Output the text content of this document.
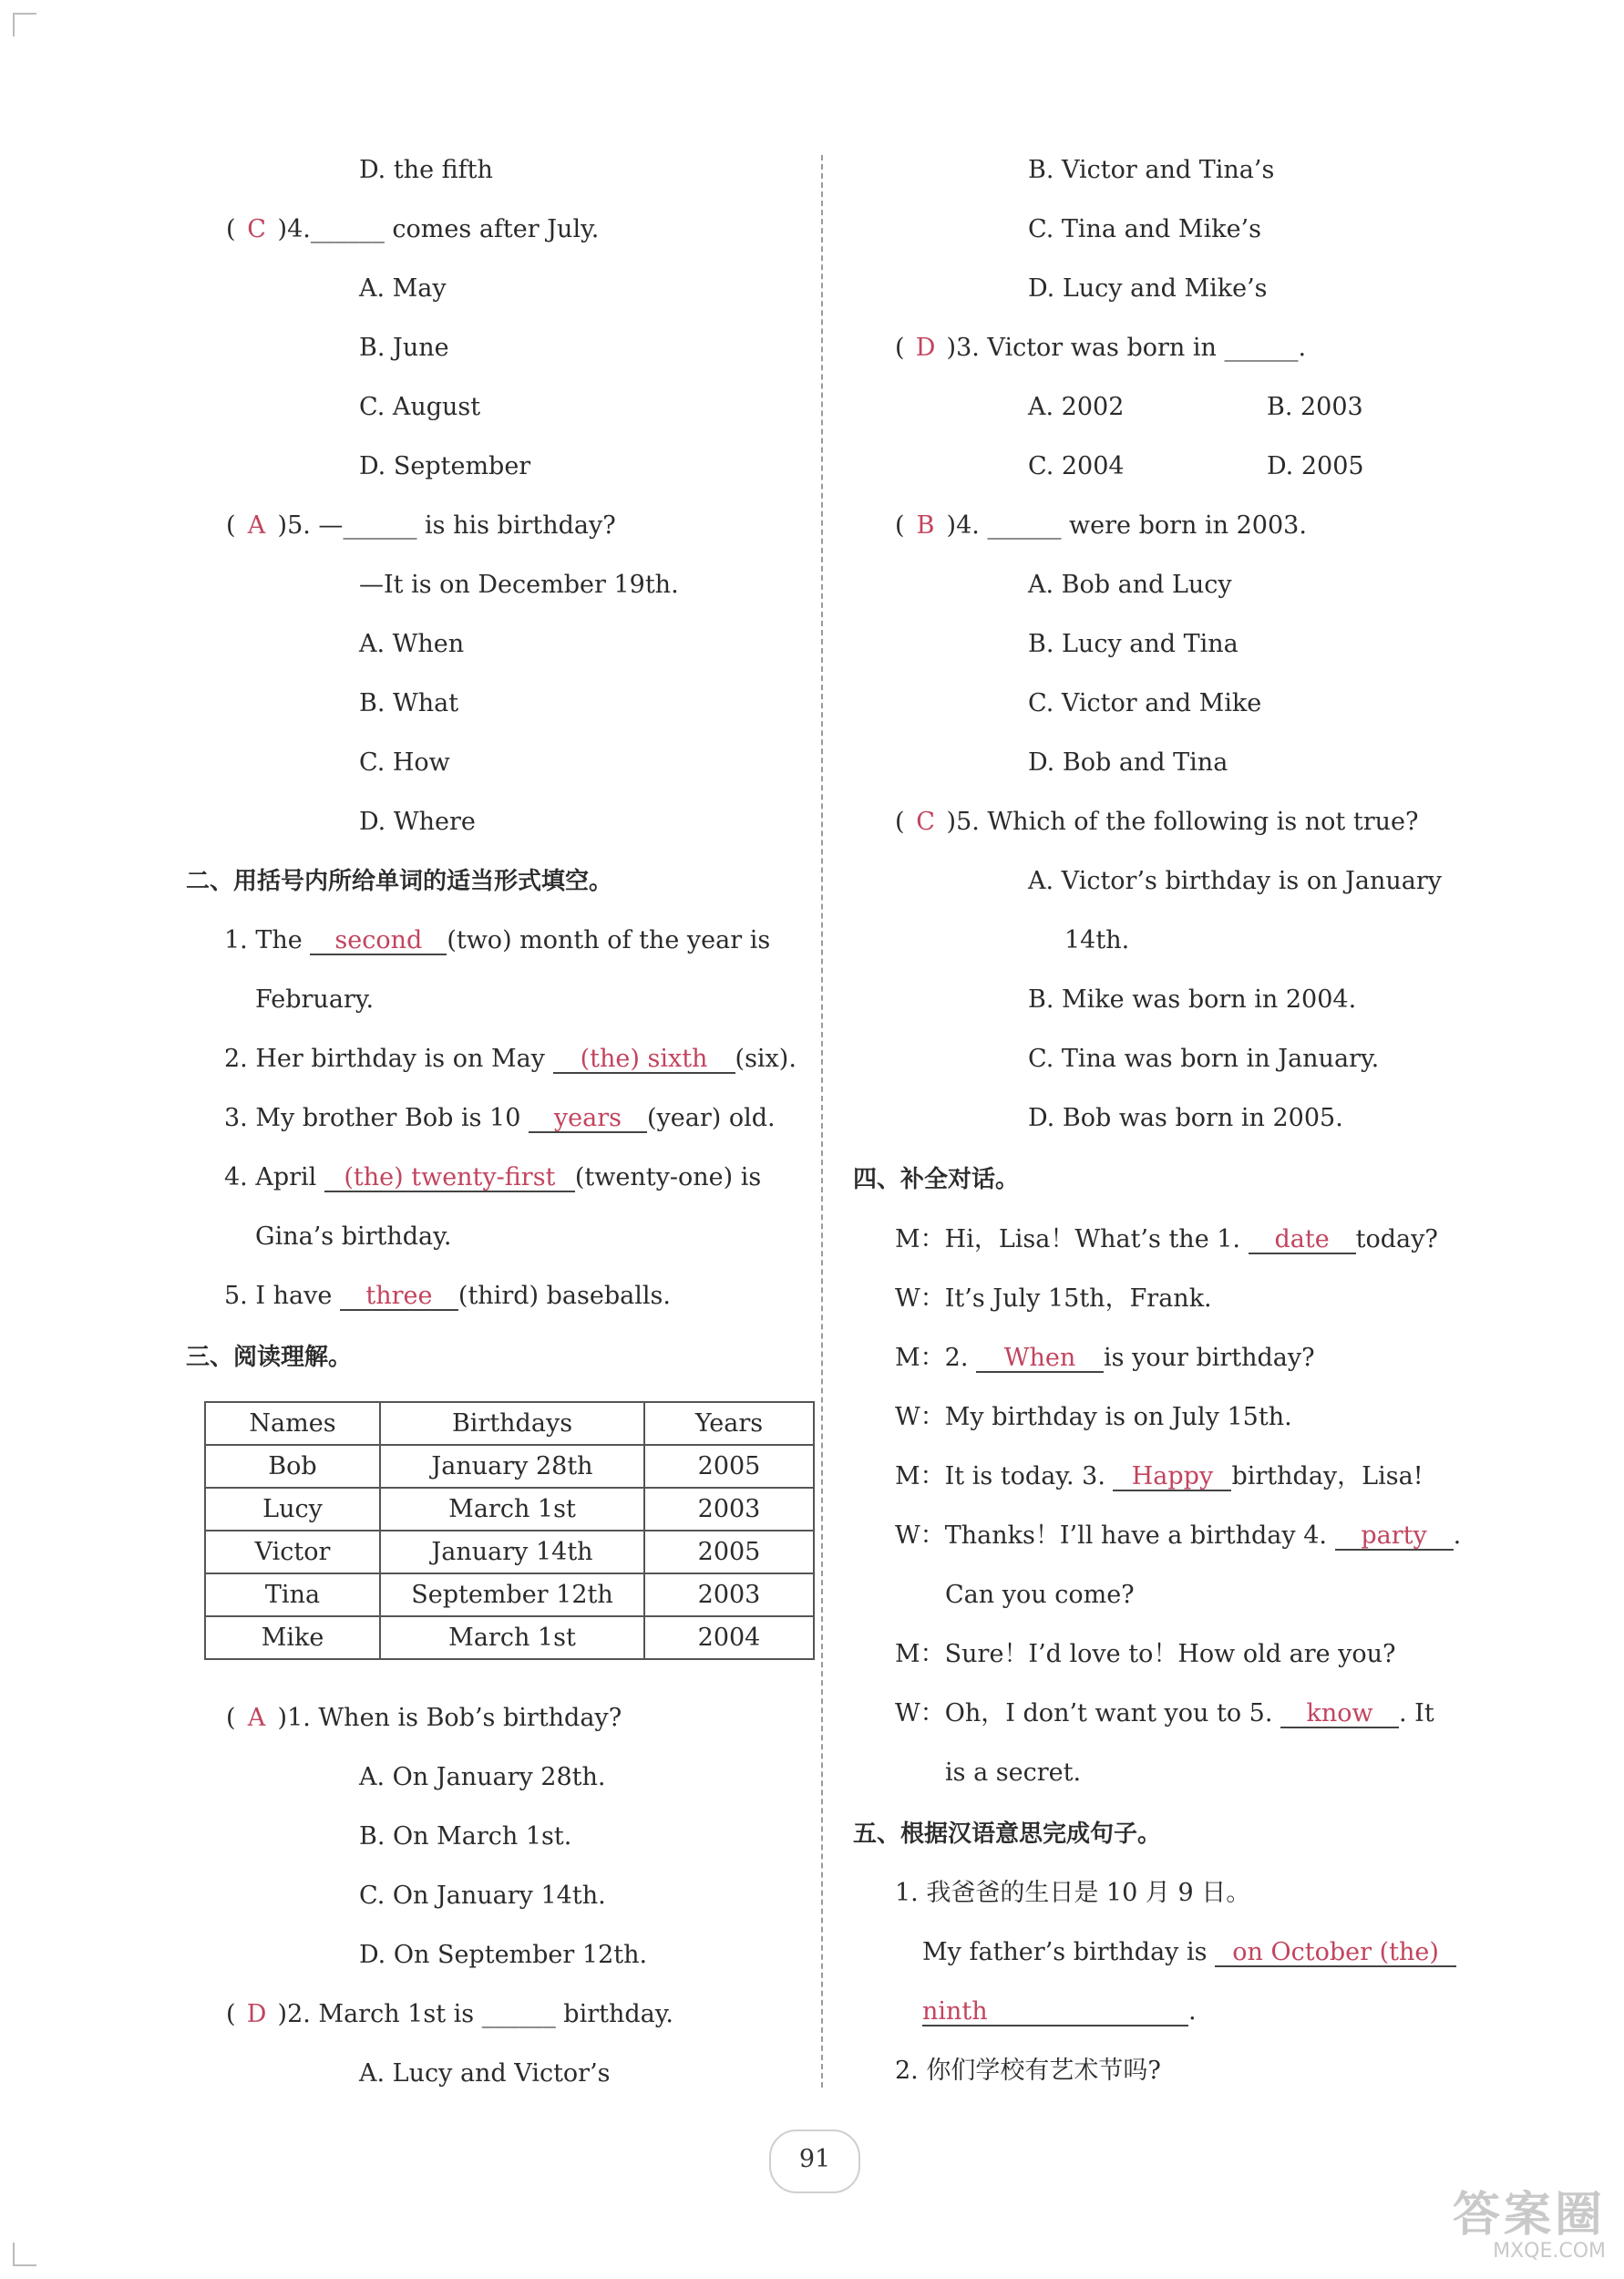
D. the fifth
( C )4.______ comes after July.
A. May
B. June
C. August
D. September
( A )5. —______ is his birthday?
—It is on December 19th.
A. When
B. What
C. How
D. Where
二、用括号内所给单词的适当形式填空。
1. The second (two) month of the year is
February.
2. Her birthday is on May (the) sixth (six).
3. My brother Bob is 10 years (year) old.
4. April (the) twenty-first (twenty-one) is
Gina’s birthday.
5. I have three (third) baseballs.
三、阅读理解。
Names	Birthdays	Years
Bob	January 28th	2005
Lucy	March 1st	2003
Victor	January 14th	2005
Tina	September 12th	2003
Mike	March 1st	2004
( A )1. When is Bob’s birthday?
A. On January 28th.
B. On March 1st.
C. On January 14th.
D. On September 12th.
( D )2. March 1st is ______ birthday.
A. Lucy and Victor’s
B. Victor and Tina’s
C. Tina and Mike’s
D. Lucy and Mike’s
( D )3. Victor was born in ______.
A. 2002	B. 2003
C. 2004	D. 2005
( B )4. ______ were born in 2003.
A. Bob and Lucy
B. Lucy and Tina
C. Victor and Mike
D. Bob and Tina
( C )5. Which of the following is not true?
A. Victor’s birthday is on January
14th.
B. Mike was born in 2004.
C. Tina was born in January.
D. Bob was born in 2005.
四、补全对话。
M：Hi，Lisa！What’s the 1. date today?
W：It’s July 15th，Frank.
M：2. When is your birthday?
W：My birthday is on July 15th.
M：It is today. 3. Happy birthday，Lisa!
W：Thanks！I’ll have a birthday 4. party .
Can you come?
M：Sure！I’d love to！How old are you?
W：Oh，I don’t want you to 5. know . It
is a secret.
五、根据汉语意思完成句子。
1. 我爸爸的生日是 10 月 9 日。
My father’s birthday is on October (the)
ninth	.
2. 你们学校有艺术节吗?
91
答案圈
MXQE.COM
